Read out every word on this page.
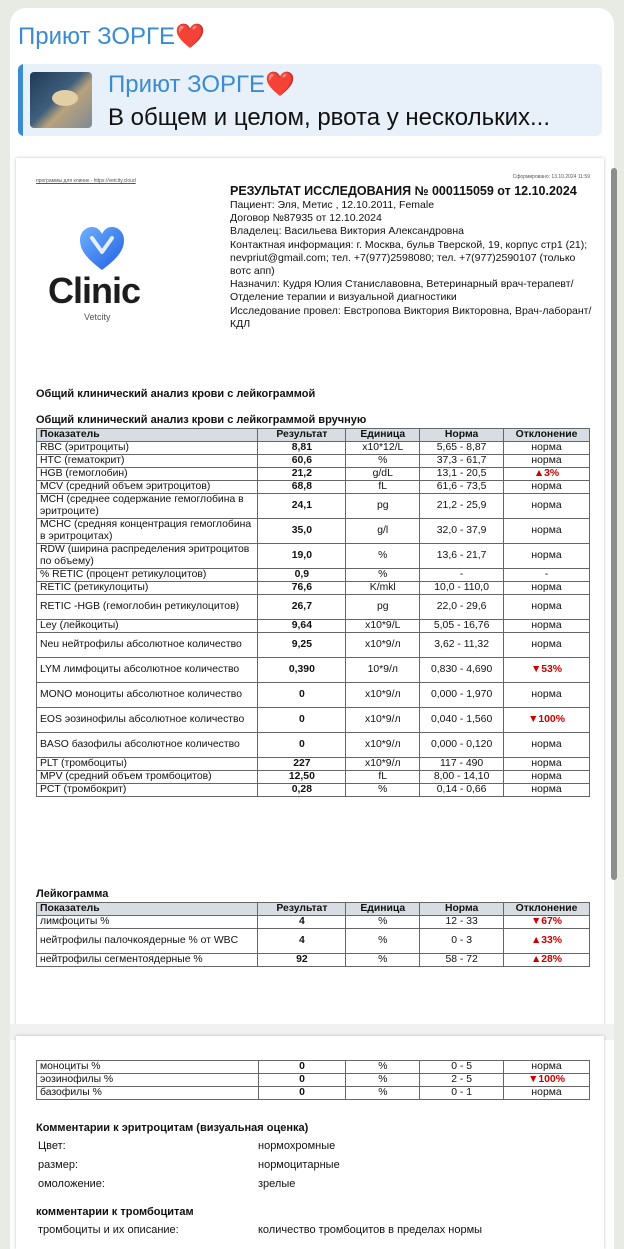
Приют ЗОРГЕ❤️
Приют ЗОРГЕ❤️
В общем и целом, рвота у нескольких...
программы для клиник - https://vetcity.cloud
Сформировано: 13.10.2024 11:59
Clinic
Vetcity
РЕЗУЛЬТАТ ИССЛЕДОВАНИЯ № 000115059 от 12.10.2024
Пациент: Эля, Метис , 12.10.2011, Female
Договор №87935 от 12.10.2024
Владелец: Васильева Виктория Александровна
Контактная информация: г. Москва, бульв Тверской, 19, корпус стр1 (21); nevpriut@gmail.com; тел. +7(977)2598080; тел. +7(977)2590107 (только вотс апп)
Назначил: Кудря Юлия Станиславовна, Ветеринарный врач-терапевт/ Отделение терапии и визуальной диагностики
Исследование провел: Евстропова Виктория Викторовна, Врач-лаборант/ КДЛ
Общий клинический анализ крови с лейкограммой
Общий клинический анализ крови с лейкограммой вручную
Показатель	Результат	Единица	Норма	Отклонение
RBC (эритроциты)	8,81	x10*12/L	5,65 - 8,87	норма
HTC (гематокрит)	60,6	%	37,3 - 61,7	норма
HGB (гемоглобин)	21,2	g/dL	13,1 - 20,5	▲3%
MCV (средний объем эритроцитов)	68,8	fL	61,6 - 73,5	норма
MCH (среднее содержание гемоглобина в эритроците)	24,1	pg	21,2 - 25,9	норма
MCHC (средняя концентрация гемоглобина в эритроцитах)	35,0	g/l	32,0 - 37,9	норма
RDW (ширина распределения эритроцитов по объему)	19,0	%	13,6 - 21,7	норма
% RETIC (процент ретикулоцитов)	0,9	%	-	-
RETIC (ретикулоциты)	76,6	K/mkl	10,0 - 110,0	норма
RETIC -HGB (гемоглобин ретикулоцитов)	26,7	pg	22,0 - 29,6	норма
Ley (лейкоциты)	9,64	x10*9/L	5,05 - 16,76	норма
Neu нейтрофилы абсолютное количество	9,25	x10*9/л	3,62 - 11,32	норма
LYM лимфоциты абсолютное количество	0,390	10*9/л	0,830 - 4,690	▼53%
MONO моноциты абсолютное количество	0	x10*9/л	0,000 - 1,970	норма
EOS эозинофилы абсолютное количество	0	x10*9/л	0,040 - 1,560	▼100%
BASO базофилы абсолютное количество	0	x10*9/л	0,000 - 0,120	норма
PLT (тромбоциты)	227	x10*9/л	117 - 490	норма
MPV (средний объем тромбоцитов)	12,50	fL	8,00 - 14,10	норма
PCT (тромбокрит)	0,28	%	0,14 - 0,66	норма
Лейкограмма
Показатель	Результат	Единица	Норма	Отклонение
лимфоциты %	4	%	12 - 33	▼67%
нейтрофилы палочкоядерные % от WBC	4	%	0 - 3	▲33%
нейтрофилы сегментоядерные %	92	%	58 - 72	▲28%
моноциты %	0	%	0 - 5	норма
эозинофилы %	0	%	2 - 5	▼100%
базофилы %	0	%	0 - 1	норма
Комментарии к эритроцитам (визуальная оценка)
Цвет:	нормохромные
размер:	нормоцитарные
омоложение:	зрелые
комментарии к тромбоцитам
тромбоциты и их описание:	количество тромбоцитов в пределах нормы
